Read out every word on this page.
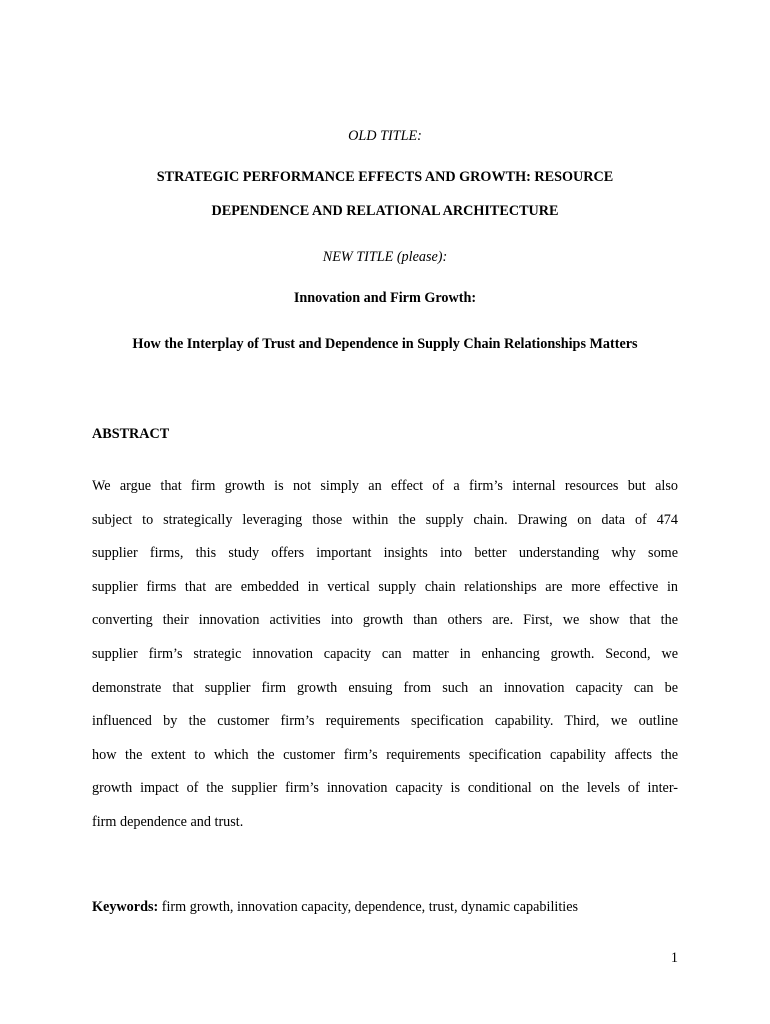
OLD TITLE:
STRATEGIC PERFORMANCE EFFECTS AND GROWTH: RESOURCE
DEPENDENCE AND RELATIONAL ARCHITECTURE
NEW TITLE (please):
Innovation and Firm Growth:
How the Interplay of Trust and Dependence in Supply Chain Relationships Matters
ABSTRACT
We argue that firm growth is not simply an effect of a firm’s internal resources but also
subject to strategically leveraging those within the supply chain. Drawing on data of 474
supplier firms, this study offers important insights into better understanding why some
supplier firms that are embedded in vertical supply chain relationships are more effective in
converting their innovation activities into growth than others are. First, we show that the
supplier firm’s strategic innovation capacity can matter in enhancing growth. Second, we
demonstrate that supplier firm growth ensuing from such an innovation capacity can be
influenced by the customer firm’s requirements specification capability. Third, we outline
how the extent to which the customer firm’s requirements specification capability affects the
growth impact of the supplier firm’s innovation capacity is conditional on the levels of inter-
firm dependence and trust.
Keywords: firm growth, innovation capacity, dependence, trust, dynamic capabilities
1
